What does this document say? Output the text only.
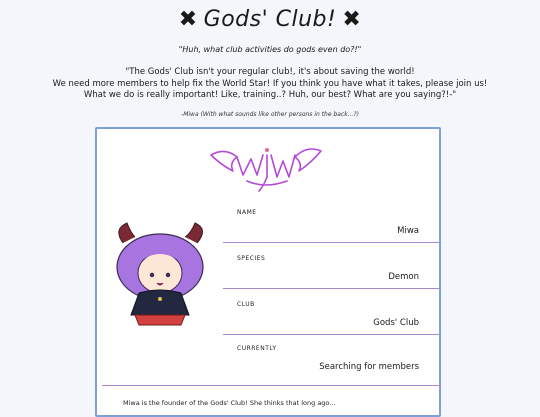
✖ Gods' Club! ✖
"Huh, what club activities do gods even do?!"
"The Gods' Club isn't your regular club!, it's about saving the world!
We need more members to help fix the World Star! If you think you have what it takes, please join us!
What we do is really important! Like, training..? Huh, our best? What are you saying?!-"
-Miwa (With what sounds like other persons in the back...?)
MIWA
NAME
Miwa
SPECIES
Demon
CLUB
Gods' Club
CURRENTLY
Searching for members
Miwa is the founder of the Gods' Club! She thinks that long ago...
